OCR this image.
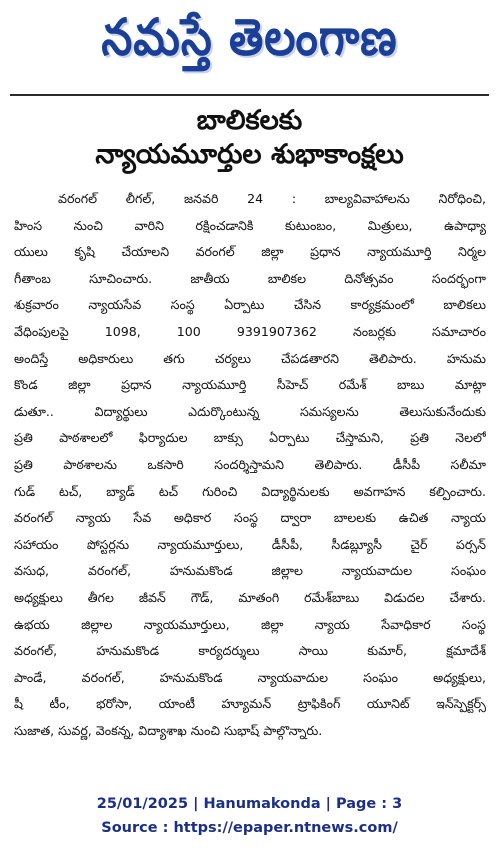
నమస్తే తెలంగాణ
బాలికలకు
న్యాయమూర్తుల శుభాకాంక్షలు
వరంగల్ లీగల్, జనవరి 24 : బాల్యవివాహాలను నిరోధించి,
హింస నుంచి వారిని రక్షించడానికి కుటుంబం, మిత్రులు, ఉపాధ్యా
యులు కృషి చేయాలని వరంగల్ జిల్లా ప్రధాన న్యాయమూర్తి నిర్మల
గీతాంబ సూచించారు. జాతీయ బాలికల దినోత్సవం సందర్భంగా
శుక్రవారం న్యాయసేవ సంస్థ ఏర్పాటు చేసిన కార్యక్రమంలో బాలికలు
వేధింపులపై 1098, 100 9391907362 నంబర్లకు సమాచారం
అందిస్తే అధికారులు తగు చర్యలు చేపడతారని తెలిపారు. హనుమ
కొండ జిల్లా ప్రధాన న్యాయమూర్తి సీహెచ్ రమేశ్ బాబు మాట్లా
డుతూ.. విద్యార్థులు ఎదుర్కొంటున్న సమస్యలను తెలుసుకునేందుకు
ప్రతి పాఠశాలలో ఫిర్యాదుల బాక్సు ఏర్పాటు చేస్తామని, ప్రతి నెలలో
ప్రతి పాఠశాలను ఒకసారి సందర్శిస్తామని తెలిపారు. డీసీపీ సలీమా
గుడ్ టచ్, బ్యాడ్ టచ్ గురించి విద్యార్థినులకు అవగాహన కల్పించారు.
వరంగల్ న్యాయ సేవ అధికార సంస్థ ద్వారా బాలలకు ఉచిత న్యాయ
సహాయం పోస్టర్లను న్యాయమూర్తులు, డీసీపీ, సీడబ్ల్యూసీ చైర్ పర్సన్
వసుధ, వరంగల్, హనుమకొండ జిల్లాల న్యాయవాదుల సంఘం
అధ్యక్షులు తీగల జీవన్ గౌడ్, మాతంగి రమేశ్‌బాబు విడుదల చేశారు.
ఉభయ జిల్లాల న్యాయమూర్తులు, జిల్లా న్యాయ సేవాధికార సంస్థ
వరంగల్, హనుమకొండ కార్యదర్శులు సాయి కుమార్, క్షమాదేశ్
పాండే, వరంగల్, హనుమకొండ న్యాయవాదుల సంఘం అధ్యక్షులు,
షీ టీం, భరోసా, యాంటీ హ్యూమన్ ట్రాఫికింగ్ యూనిట్ ఇన్‌స్పెక్టర్స్
సుజాత, సువర్ణ, వెంకన్న, విద్యాశాఖ నుంచి సుభాష్ పాల్గొన్నారు.
25/01/2025 | Hanumakonda | Page : 3
Source : https://epaper.ntnews.com/
